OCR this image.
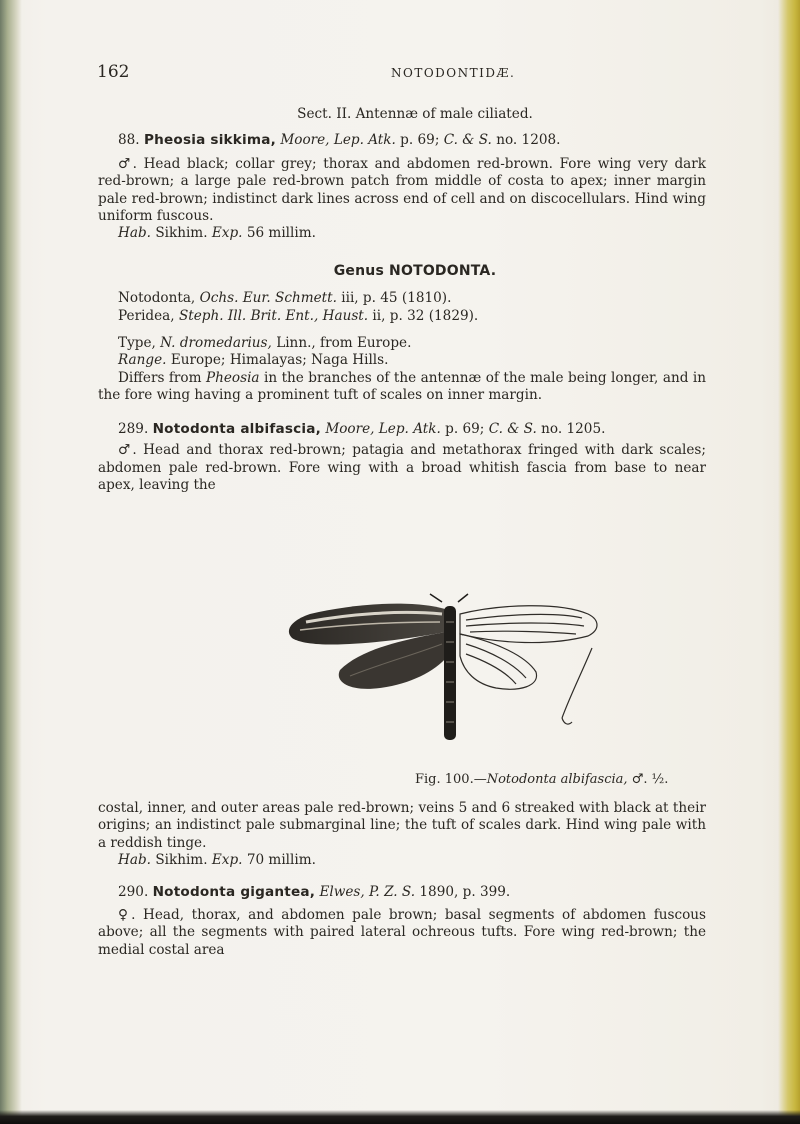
162	NOTODONTIDÆ.

Sect. II. Antennæ of male ciliated.

88. Pheosia sikkima, Moore, Lep. Atk. p. 69; C. & S. no. 1208.

♂. Head black; collar grey; thorax and abdomen red-brown. Fore wing very dark red-brown; a large pale red-brown patch from middle of costa to apex; inner margin pale red-brown; indistinct dark lines across end of cell and on discocellulars. Hind wing uniform fuscous.

Hab. Sikhim. Exp. 56 millim.

Genus NOTODONTA.

Notodonta, Ochs. Eur. Schmett. iii, p. 45 (1810).

Peridea, Steph. Ill. Brit. Ent., Haust. ii, p. 32 (1829).

Type, N. dromedarius, Linn., from Europe.

Range. Europe; Himalayas; Naga Hills.

Differs from Pheosia in the branches of the antennæ of the male being longer, and in the fore wing having a prominent tuft of scales on inner margin.

289. Notodonta albifascia, Moore, Lep. Atk. p. 69; C. & S. no. 1205.

♂. Head and thorax red-brown; patagia and metathorax fringed with dark scales; abdomen pale red-brown. Fore wing with a broad whitish fascia from base to near apex, leaving the

Fig. 100.—Notodonta albifascia, ♂. ½.

costal, inner, and outer areas pale red-brown; veins 5 and 6 streaked with black at their origins; an indistinct pale submarginal line; the tuft of scales dark. Hind wing pale with a reddish tinge.

Hab. Sikhim. Exp. 70 millim.

290. Notodonta gigantea, Elwes, P. Z. S. 1890, p. 399.

♀. Head, thorax, and abdomen pale brown; basal segments of abdomen fuscous above; all the segments with paired lateral ochreous tufts. Fore wing red-brown; the medial costal area
